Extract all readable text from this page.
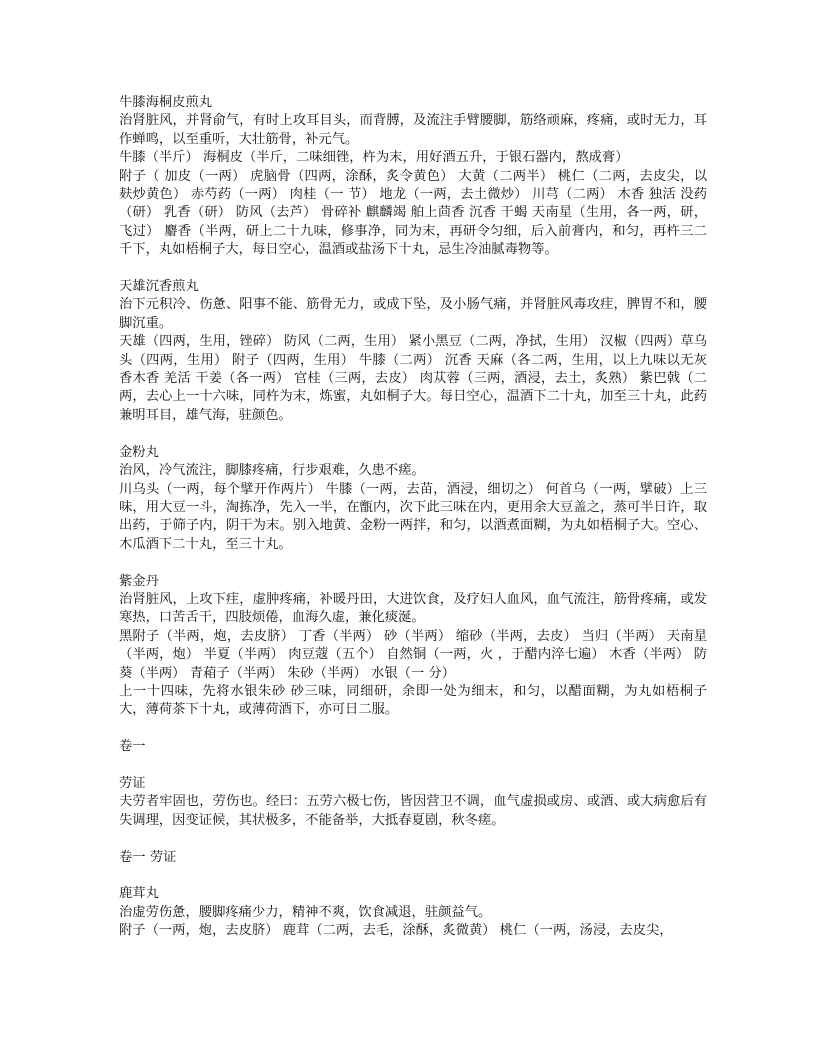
牛膝海桐皮煎丸

治肾脏风，并肾俞气，有时上攻耳目头，而背膊，及流注手臂腰脚，筋络顽麻，疼痛，或时无力，耳作蝉鸣，以至重听，大壮筋骨，补元气。

牛膝（半斤） 海桐皮（半斤，二味细锉，杵为末，用好酒五升，于银石器内，熬成膏）

附子（ 加皮（一两） 虎脑骨（四两，涂酥，炙令黄色） 大黄（二两半） 桃仁（二两，去皮尖，以麸炒黄色） 赤芍药（一两） 肉桂（一 节） 地龙（一两，去土微炒） 川芎（二两） 木香 独活 没药（研） 乳香（研） 防风（去芦） 骨碎补 麒麟竭 舶上茴香 沉香 干蝎 天南星（生用，各一两，研，飞过） 麝香（半两，研上二十九味，修事净，同为末，再研令匀细，后入前膏内，和匀，再杵三二千下，丸如梧桐子大，每日空心，温酒或盐汤下十丸，忌生冷油腻毒物等。

天雄沉香煎丸

治下元积冷、伤惫、阳事不能、筋骨无力，或成下坠，及小肠气痛，并肾脏风毒攻疰，脾胃不和，腰脚沉重。

天雄（四两，生用，锉碎） 防风（二两，生用） 紧小黑豆（二两，净拭，生用） 汉椒（四两）草乌头（四两，生用） 附子（四两，生用） 牛膝（二两） 沉香 天麻（各二两，生用，以上九味以无灰香木香 羌活 干姜（各一两） 官桂（三两，去皮） 肉苁蓉（三两，酒浸，去土，炙熟） 紫巴戟（二两，去心上一十六味，同杵为末，炼蜜，丸如桐子大。每日空心，温酒下二十丸，加至三十丸，此药兼明耳目，雄气海，驻颜色。

金粉丸

治风，冷气流注，脚膝疼痛，行步艰难，久患不瘥。

川乌头（一两，每个擘开作两片） 牛膝（一两，去苗，酒浸，细切之） 何首乌（一两，擘破）上三味，用大豆一斗，淘拣净，先入一半，在甑内，次下此三味在内，更用余大豆盖之，蒸可半日许，取出药，于筛子内，阴干为末。别入地黄、金粉一两拌，和匀，以酒煮面糊，为丸如梧桐子大。空心、木瓜酒下二十丸，至三十丸。

紫金丹

治肾脏风，上攻下疰，虚肿疼痛，补暖丹田，大进饮食，及疗妇人血风，血气流注，筋骨疼痛，或发寒热，口苦舌干，四肢烦倦，血海久虚，兼化痰涎。

黑附子（半两，炮，去皮脐） 丁香（半两） 砂（半两） 缩砂（半两，去皮） 当归（半两） 天南星（半两，炮） 半夏（半两） 肉豆蔻（五个） 自然铜（一两，火 ，于醋内淬七遍） 木香（半两） 防葵（半两） 青葙子（半两） 朱砂（半两） 水银（一 分）

上一十四味，先将水银朱砂 砂三味，同细研，余即一处为细末，和匀，以醋面糊，为丸如梧桐子大，薄荷茶下十丸，或薄荷酒下，亦可日二服。

卷一

劳证

夫劳者牢固也，劳伤也。经曰：五劳六极七伤，皆因营卫不调，血气虚损或房、或酒、或大病愈后有失调理，因变证候，其状极多，不能备举，大抵春夏剧，秋冬瘥。

卷一 劳证

鹿茸丸

治虚劳伤惫，腰脚疼痛少力，精神不爽，饮食减退，驻颜益气。

附子（一两，炮，去皮脐） 鹿茸（二两，去毛，涂酥，炙微黄） 桃仁（一两，汤浸，去皮尖，
